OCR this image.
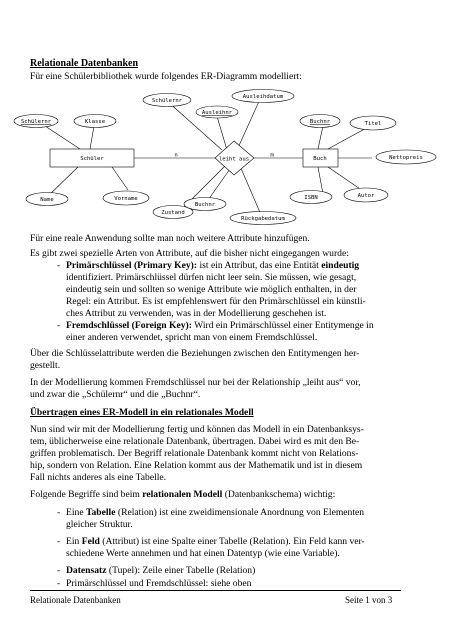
Relationale Datenbanken
Für eine Schülerbibliothek wurde folgendes ER-Diagramm modelliert:
Schüler	Buch
leiht aus
n	m
Schülernr	Klasse
Name	Vorname
Buchnr	Titel
Nettopreis
ISBN	Autor
Schülernr
Ausleihnr
Ausleihdatum
Zustand
Buchnr
Rückgabedatum
Für eine reale Anwendung sollte man noch weitere Attribute hinzufügen.
Es gibt zwei spezielle Arten von Attribute, auf die bisher nicht eingegangen wurde:
- Primärschlüssel (Primary Key): ist ein Attribut, das eine Entität eindeutig
identifiziert. Primärschlüssel dürfen nicht leer sein. Sie müssen, wie gesagt,
eindeutig sein und sollten so wenige Attribute wie möglich enthalten, in der
Regel: ein Attribut. Es ist empfehlenswert für den Primärschlüssel ein künstli-
ches Attribut zu verwenden, was in der Modellierung geschehen ist.
- Fremdschlüssel (Foreign Key): Wird ein Primärschlüssel einer Entitymenge in
einer anderen verwendet, spricht man von einem Fremdschlüssel.
Über die Schlüsselattribute werden die Beziehungen zwischen den Entitymengen her-
gestellt.
In der Modellierung kommen Fremdschlüssel nur bei der Relationship „leiht aus“ vor,
und zwar die „Schülernr“ und die „Buchnr“.
Übertragen eines ER-Modell in ein relationales Modell
Nun sind wir mit der Modellierung fertig und können das Modell in ein Datenbanksys-
tem, üblicherweise eine relationale Datenbank, übertragen. Dabei wird es mit den Be-
griffen problematisch. Der Begriff relationale Datenbank kommt nicht von Relations-
hip, sondern von Relation. Eine Relation kommt aus der Mathematik und ist in diesem
Fall nichts anderes als eine Tabelle.
Folgende Begriffe sind beim relationalen Modell (Datenbankschema) wichtig:
- Eine Tabelle (Relation) ist eine zweidimensionale Anordnung von Elementen
gleicher Struktur.
- Ein Feld (Attribut) ist eine Spalte einer Tabelle (Relation). Ein Feld kann ver-
schiedene Werte annehmen und hat einen Datentyp (wie eine Variable).
- Datensatz (Tupel): Zeile einer Tabelle (Relation)
- Primärschlüssel und Fremdschlüssel: siehe oben
Relationale Datenbanken	Seite 1 von 3
